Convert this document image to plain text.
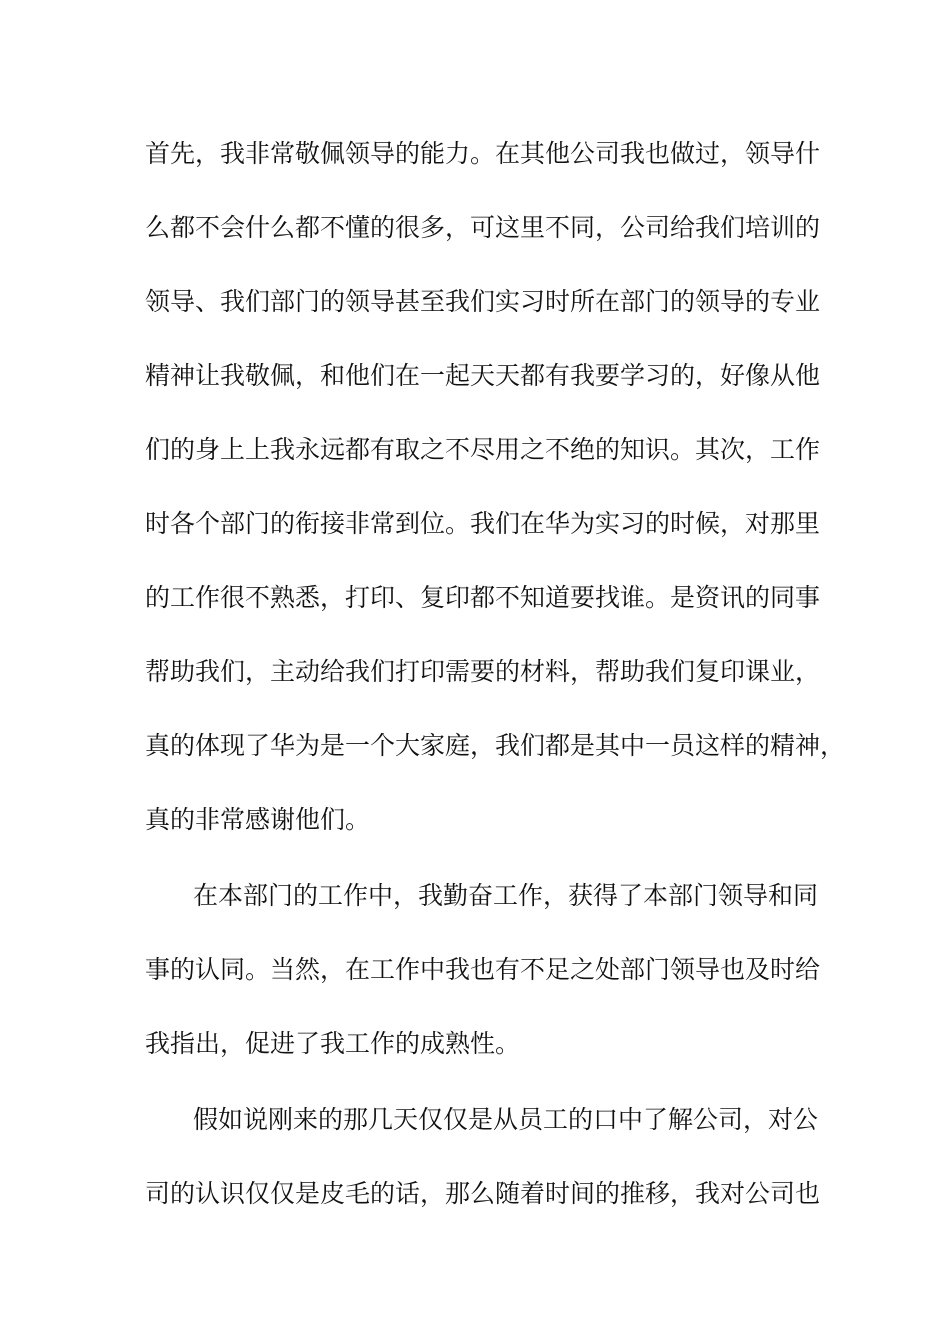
首先，我非常敬佩领导的能力。在其他公司我也做过，领导什
么都不会什么都不懂的很多，可这里不同，公司给我们培训的
领导、我们部门的领导甚至我们实习时所在部门的领导的专业
精神让我敬佩，和他们在一起天天都有我要学习的，好像从他
们的身上上我永远都有取之不尽用之不绝的知识。其次，工作
时各个部门的衔接非常到位。我们在华为实习的时候，对那里
的工作很不熟悉，打印、复印都不知道要找谁。是资讯的同事
帮助我们，主动给我们打印需要的材料，帮助我们复印课业，
真的体现了华为是一个大家庭，我们都是其中一员这样的精神，
真的非常感谢他们。
在本部门的工作中，我勤奋工作，获得了本部门领导和同
事的认同。当然，在工作中我也有不足之处部门领导也及时给
我指出，促进了我工作的成熟性。
假如说刚来的那几天仅仅是从员工的口中了解公司，对公
司的认识仅仅是皮毛的话，那么随着时间的推移，我对公司也
